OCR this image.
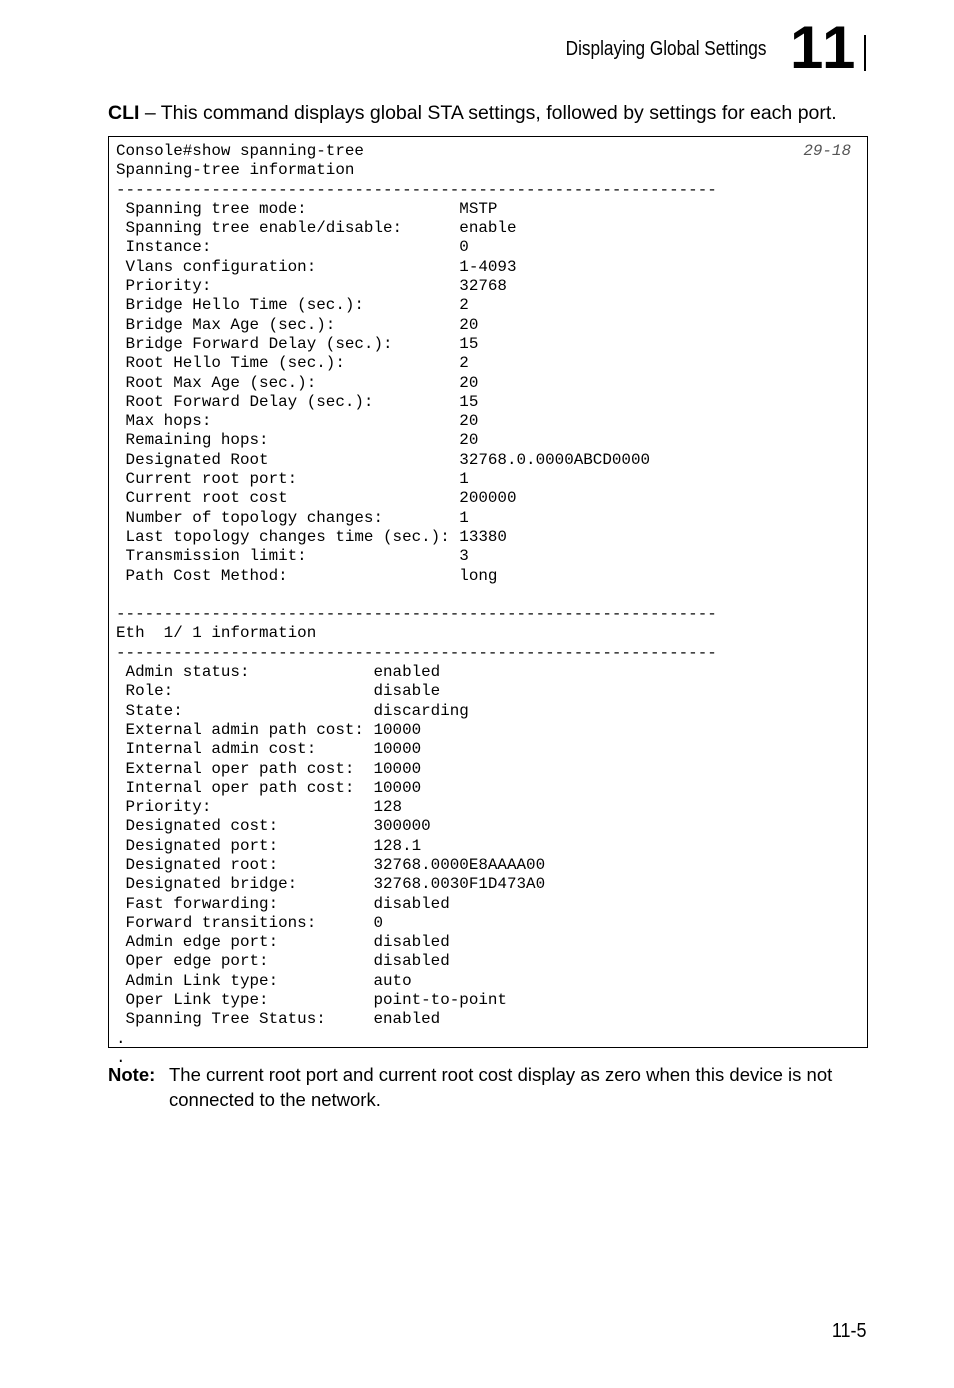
Displaying Global Settings 11
CLI – This command displays global STA settings, followed by settings for each port.
Console#show spanning-tree
Spanning-tree information
---------------------------------------------------------------
Spanning tree mode:                MSTP
Spanning tree enable/disable:      enable
Instance:                          0
Vlans configuration:               1-4093
Priority:                          32768
Bridge Hello Time (sec.):          2
Bridge Max Age (sec.):             20
Bridge Forward Delay (sec.):       15
Root Hello Time (sec.):            2
Root Max Age (sec.):               20
Root Forward Delay (sec.):         15
Max hops:                          20
Remaining hops:                    20
Designated Root                    32768.0.0000ABCD0000
Current root port:                 1
Current root cost                  200000
Number of topology changes:        1
Last topology changes time (sec.): 13380
Transmission limit:                3
Path Cost Method:                  long

---------------------------------------------------------------
Eth  1/ 1 information
---------------------------------------------------------------
Admin status:             enabled
Role:                     disable
State:                    discarding
External admin path cost: 10000
Internal admin cost:      10000
External oper path cost:  10000
Internal oper path cost:  10000
Priority:                 128
Designated cost:          300000
Designated port:          128.1
Designated root:          32768.0000E8AAAA00
Designated bridge:        32768.0030F1D473A0
Fast forwarding:          disabled
Forward transitions:      0
Admin edge port:          disabled
Oper edge port:           disabled
Admin Link type:          auto
Oper Link type:           point-to-point
Spanning Tree Status:     enabled
.
.

29-18
Note: The current root port and current root cost display as zero when this device is not connected to the network.
11-5
